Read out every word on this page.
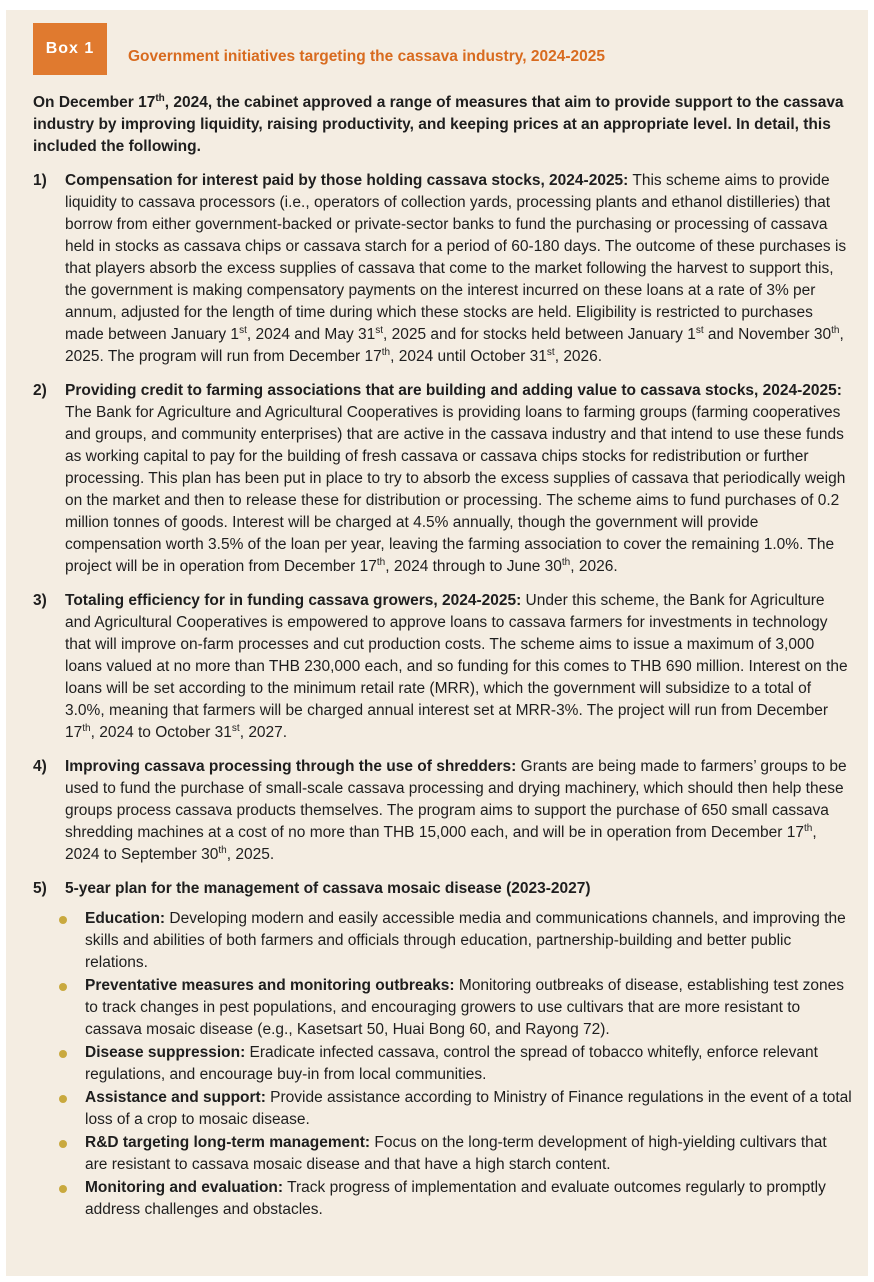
Box 1	Government initiatives targeting the cassava industry, 2024-2025

On December 17th, 2024, the cabinet approved a range of measures that aim to provide support to the cassava industry by improving liquidity, raising productivity, and keeping prices at an appropriate level. In detail, this included the following.

1)	Compensation for interest paid by those holding cassava stocks, 2024-2025: This scheme aims to provide liquidity to cassava processors (i.e., operators of collection yards, processing plants and ethanol distilleries) that borrow from either government-backed or private-sector banks to fund the purchasing or processing of cassava held in stocks as cassava chips or cassava starch for a period of 60-180 days. The outcome of these purchases is that players absorb the excess supplies of cassava that come to the market following the harvest to support this, the government is making compensatory payments on the interest incurred on these loans at a rate of 3% per annum, adjusted for the length of time during which these stocks are held. Eligibility is restricted to purchases made between January 1st, 2024 and May 31st, 2025 and for stocks held between January 1st and November 30th, 2025. The program will run from December 17th, 2024 until October 31st, 2026.
2)	Providing credit to farming associations that are building and adding value to cassava stocks, 2024-2025: The Bank for Agriculture and Agricultural Cooperatives is providing loans to farming groups (farming cooperatives and groups, and community enterprises) that are active in the cassava industry and that intend to use these funds as working capital to pay for the building of fresh cassava or cassava chips stocks for redistribution or further processing. This plan has been put in place to try to absorb the excess supplies of cassava that periodically weigh on the market and then to release these for distribution or processing. The scheme aims to fund purchases of 0.2 million tonnes of goods. Interest will be charged at 4.5% annually, though the government will provide compensation worth 3.5% of the loan per year, leaving the farming association to cover the remaining 1.0%. The project will be in operation from December 17th, 2024 through to June 30th, 2026.
3)	Totaling efficiency for in funding cassava growers, 2024-2025: Under this scheme, the Bank for Agriculture and Agricultural Cooperatives is empowered to approve loans to cassava farmers for investments in technology that will improve on-farm processes and cut production costs. The scheme aims to issue a maximum of 3,000 loans valued at no more than THB 230,000 each, and so funding for this comes to THB 690 million. Interest on the loans will be set according to the minimum retail rate (MRR), which the government will subsidize to a total of 3.0%, meaning that farmers will be charged annual interest set at MRR-3%. The project will run from December 17th, 2024 to October 31st, 2027.
4)	Improving cassava processing through the use of shredders: Grants are being made to farmers’ groups to be used to fund the purchase of small-scale cassava processing and drying machinery, which should then help these groups process cassava products themselves. The program aims to support the purchase of 650 small cassava shredding machines at a cost of no more than THB 15,000 each, and will be in operation from December 17th, 2024 to September 30th, 2025.
5)	5-year plan for the management of cassava mosaic disease (2023-2027)
Education: Developing modern and easily accessible media and communications channels, and improving the skills and abilities of both farmers and officials through education, partnership-building and better public relations.
Preventative measures and monitoring outbreaks: Monitoring outbreaks of disease, establishing test zones to track changes in pest populations, and encouraging growers to use cultivars that are more resistant to cassava mosaic disease (e.g., Kasetsart 50, Huai Bong 60, and Rayong 72).
Disease suppression: Eradicate infected cassava, control the spread of tobacco whitefly, enforce relevant regulations, and encourage buy-in from local communities.
Assistance and support: Provide assistance according to Ministry of Finance regulations in the event of a total loss of a crop to mosaic disease.
R&D targeting long-term management: Focus on the long-term development of high-yielding cultivars that are resistant to cassava mosaic disease and that have a high starch content.
Monitoring and evaluation: Track progress of implementation and evaluate outcomes regularly to promptly address challenges and obstacles.
